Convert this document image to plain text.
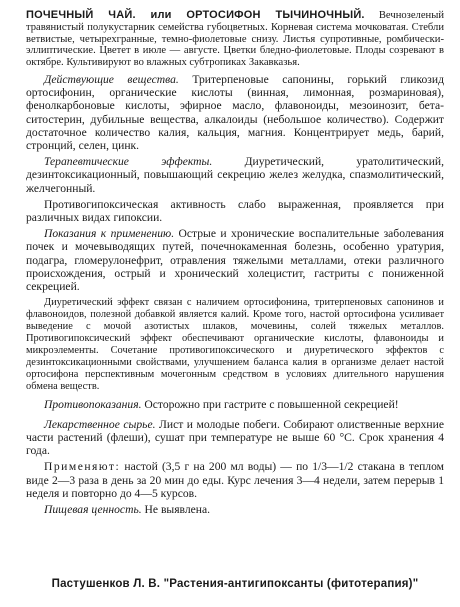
ПОЧЕЧНЫЙ ЧАЙ. или ОРТОСИФОН ТЫЧИНОЧНЫЙ. Вечнозеленый травянистый полукустарник семейства губоцветных. Корневая система мочковатая. Стебли ветвистые, четырехгранные, темно-фиолетовые снизу. Листья супротивные, ромбически-эллиптические. Цветет в июле — августе. Цветки бледно-фиолетовые. Плоды созревают в октябре. Культивируют во влажных субтропиках Закавказья.

Действующие вещества. Тритерпеновые сапонины, горький гликозид ортосифонин, органические кислоты (винная, лимонная, розмариновая), фенолкарбоновые кислоты, эфирное масло, флавоноиды, мезоинозит, бета-ситостерин, дубильные вещества, алкалоиды (небольшое количество). Содержит достаточное количество калия, кальция, магния. Концентрирует медь, барий, стронций, селен, цинк.

Терапевтические эффекты. Диуретический, уратолитический, дезинтоксикационный, повышающий секрецию желез желудка, спазмолитический, желчегонный.

Противогипоксическая активность слабо выраженная, проявляется при различных видах гипоксии.

Показания к применению. Острые и хронические воспалительные заболевания почек и мочевыводящих путей, почечнокаменная болезнь, особенно уратурия, подагра, гломерулонефрит, отравления тяжелыми металлами, отеки различного происхождения, острый и хронический холецистит, гастриты с пониженной секрецией.

Диуретический эффект связан с наличием ортосифонина, тритерпеновых сапонинов и флавоноидов, полезной добавкой является калий. Кроме того, настой ортосифона усиливает выведение с мочой азотистых шлаков, мочевины, солей тяжелых металлов. Противогипоксический эффект обеспечивают органические кислоты, флавоноиды и микроэлементы. Сочетание противогипоксического и диуретического эффектов с дезинтоксикационными свойствами, улучшением баланса калия в организме делает настой ортосифона перспективным мочегонным средством в условиях длительного нарушения обмена веществ.

Противопоказания. Осторожно при гастрите с повышенной секрецией!

Лекарственное сырье. Лист и молодые побеги. Собирают олиственные верхние части растений (флеши), сушат при температуре не выше 60 °С. Срок хранения 4 года.

Применяют: настой (3,5 г на 200 мл воды) — по 1/3—1/2 стакана в теплом виде 2—3 раза в день за 20 мин до еды. Курс лечения 3—4 недели, затем перерыв 1 неделя и повторно до 4—5 курсов.

Пищевая ценность. Не выявлена.

Пастушенков Л. В. "Растения-антигипоксанты (фитотерапия)"
